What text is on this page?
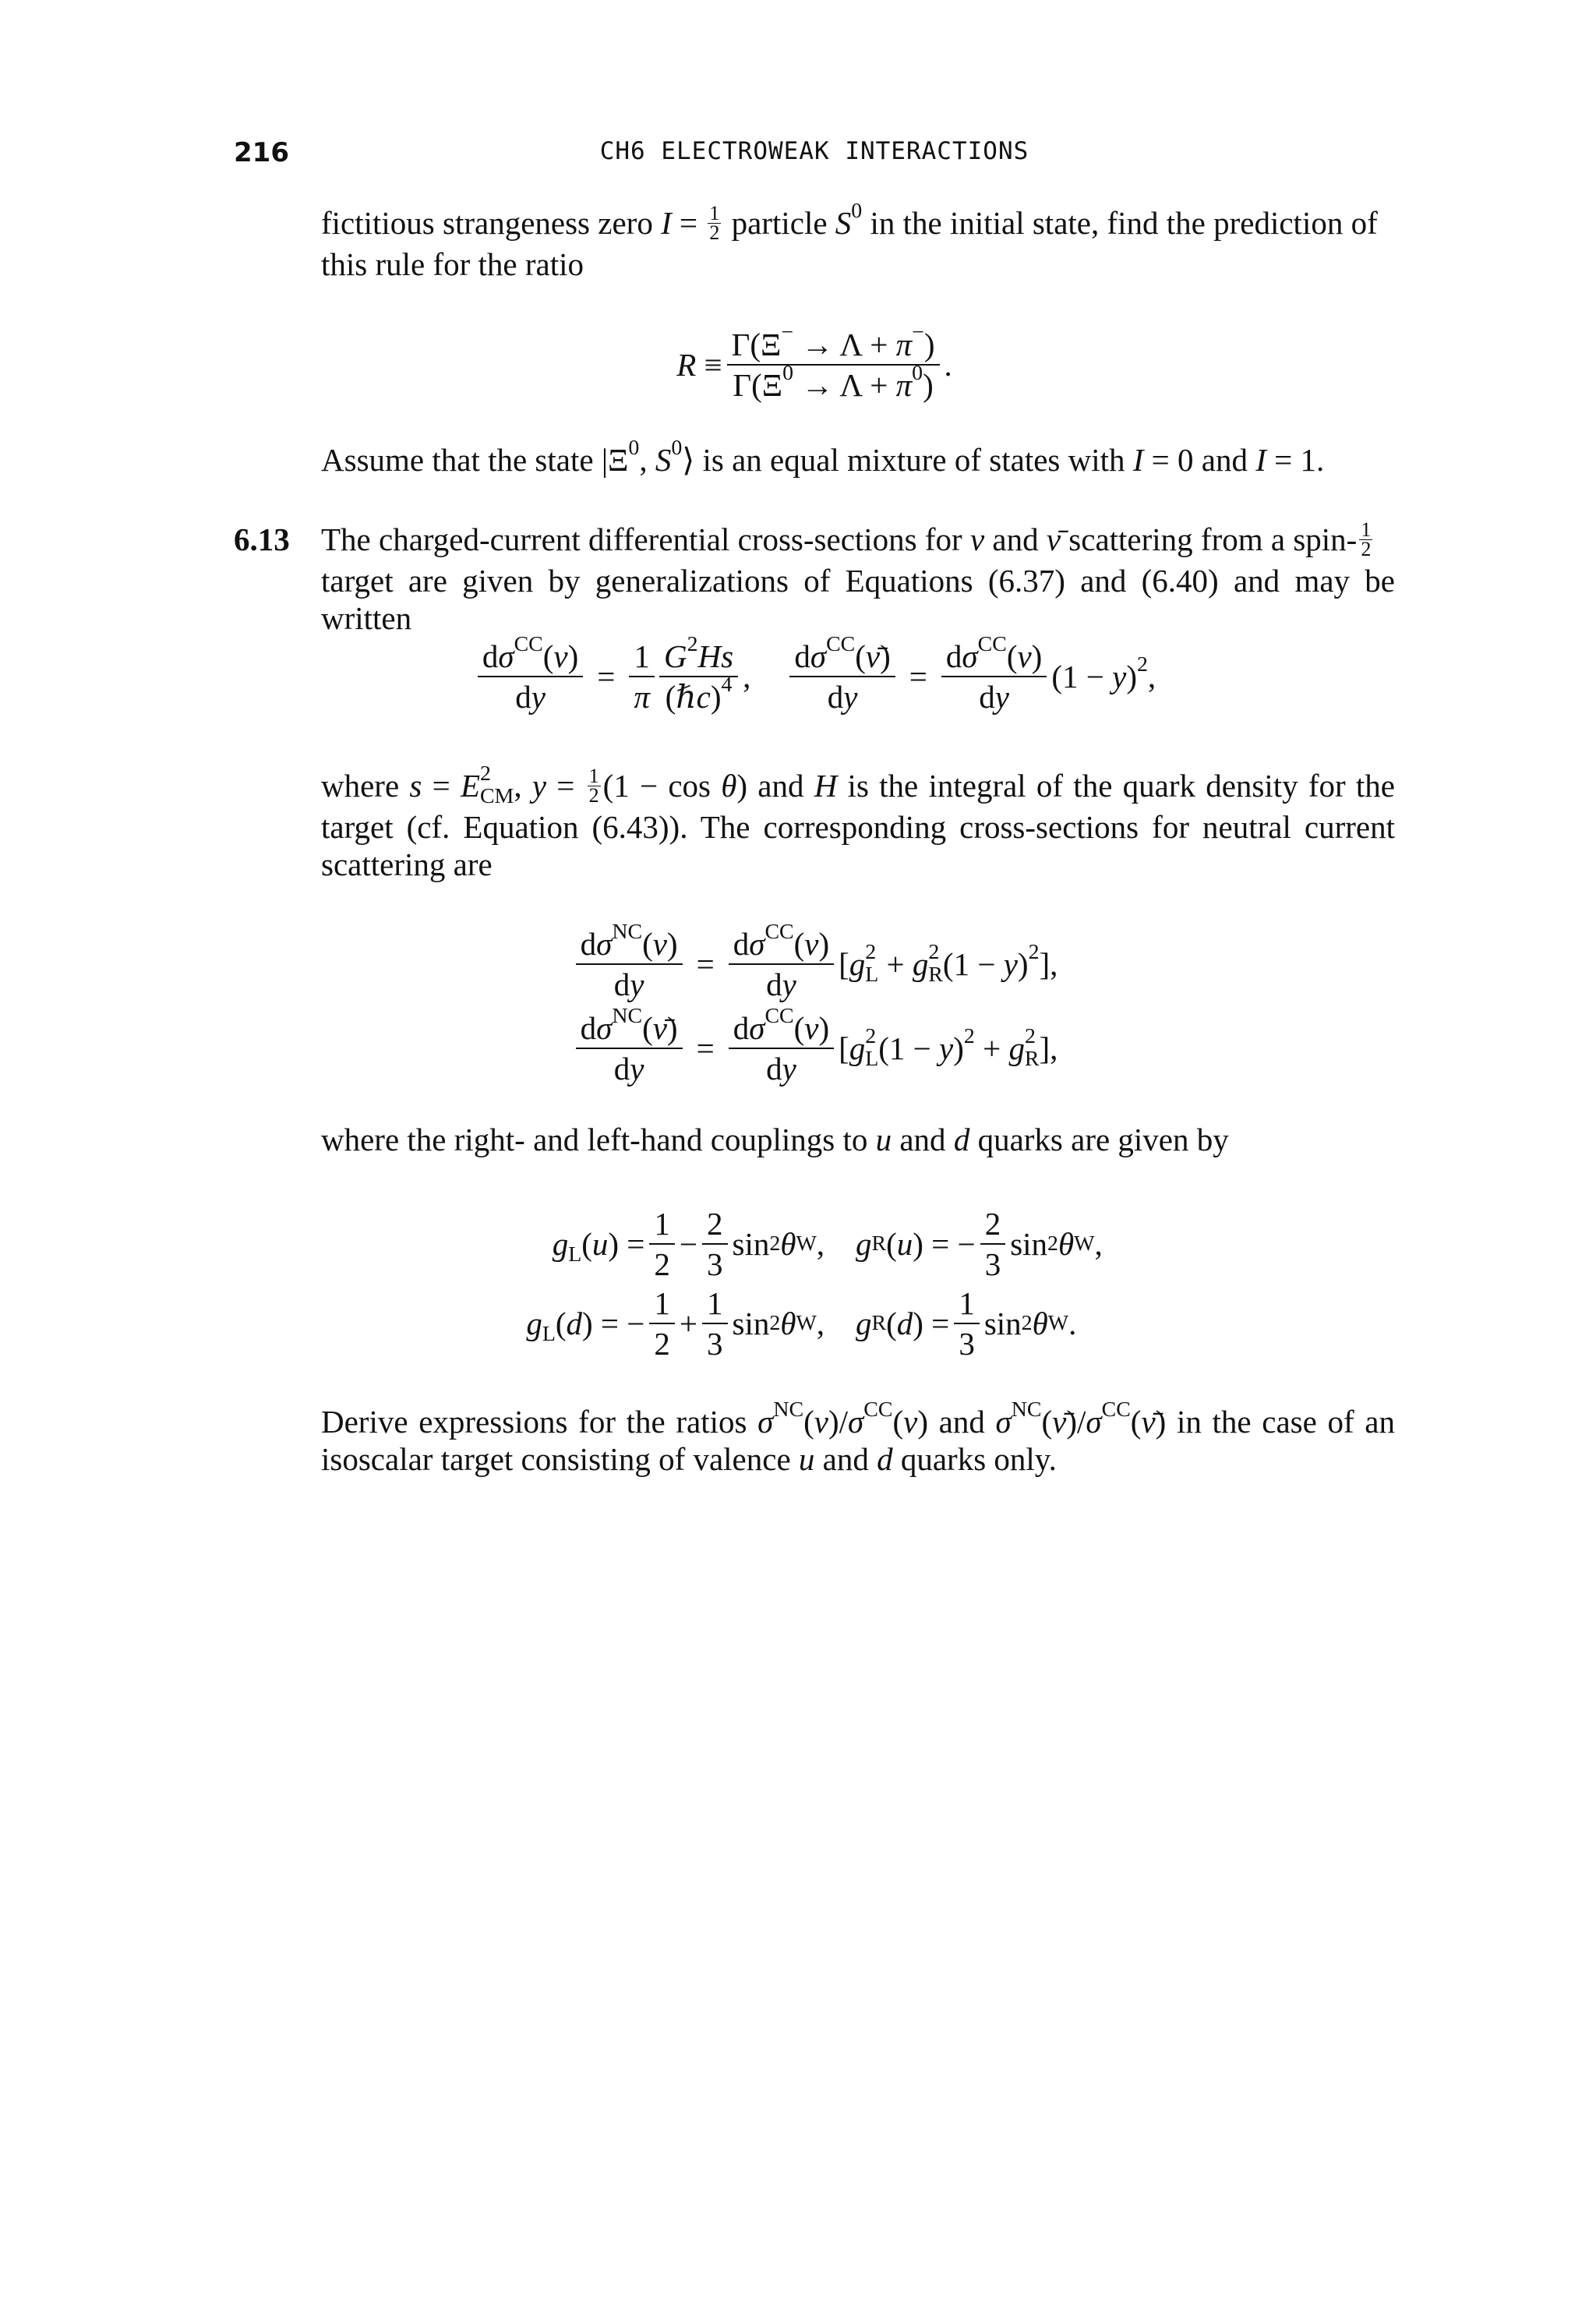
216	CH6 ELECTROWEAK INTERACTIONS
fictitious strangeness zero $I = \frac{1}{2}$ particle $S^0$ in the initial state, find the prediction of
this rule for the ratio
$R \equiv \frac{\Gamma(\Xi^- \to \Lambda + \pi^-)}{\Gamma(\Xi^0 \to \Lambda + \pi^0)}$ .
Assume that the state $|\Xi^0$, $S^0⟩$ is an equal mixture of states with I = 0 and I = 1.
6.13 The charged-current differential cross-sections for ν and ν̄ scattering from a spin- $\frac{1}{2}$

target are given by generalizations of Equations (6.37) and (6.40) and may be written
$\frac{d\sigma^{CC}(\nu)}{dy} = \frac{1}{\pi} \frac{G^2Hs}{(\hbar c)^4}$ , $\frac{d\sigma^{CC}(\nū)}{dy} = \frac{d\sigma^{CC}(\nu)}{dy} (1 - y)^2$,
where $s = E^2_{CM}$, $y = \frac{1}{2} (1 - \cos \theta)$ and H is the integral of the quark density for the target (cf. Equation (6.43)). The corresponding cross-sections for neutral current scattering are
$\frac{d\sigma^{NC}(\nu)}{dy} = \frac{d\sigma^{CC}(\nu)}{dy} [g^2_L + g^2_R(1 - y)^2]$,
$\frac{d\sigma^{NC}(\nū)}{dy} = \frac{d\sigma^{CC}(\nu)}{dy} [g^2_L(1 - y)^2 + g^2_R]$,
where the right- and left-hand couplings to u and d quarks are given by
$g_L(u) = \frac{1}{2} - \frac{2}{3}$ sin 2 θ W , g R ( u ) = − $\frac{2}{3}$ sin 2 θ W ,
$g_L(d)$ = − $\frac{1}{2} + \frac{1}{3}$ sin 2 θ W , g R ( d ) = $\frac{1}{3}$ sin 2 θ W .
Derive expressions for the ratios $\sigma^{NC}(\nu)/\sigma^{CC}(\nu)$ and $\sigma^{NC}(\nū)/\sigma^{CC}(\nū)$ in the case of an isoscalar target consisting of valence u and d quarks only.
